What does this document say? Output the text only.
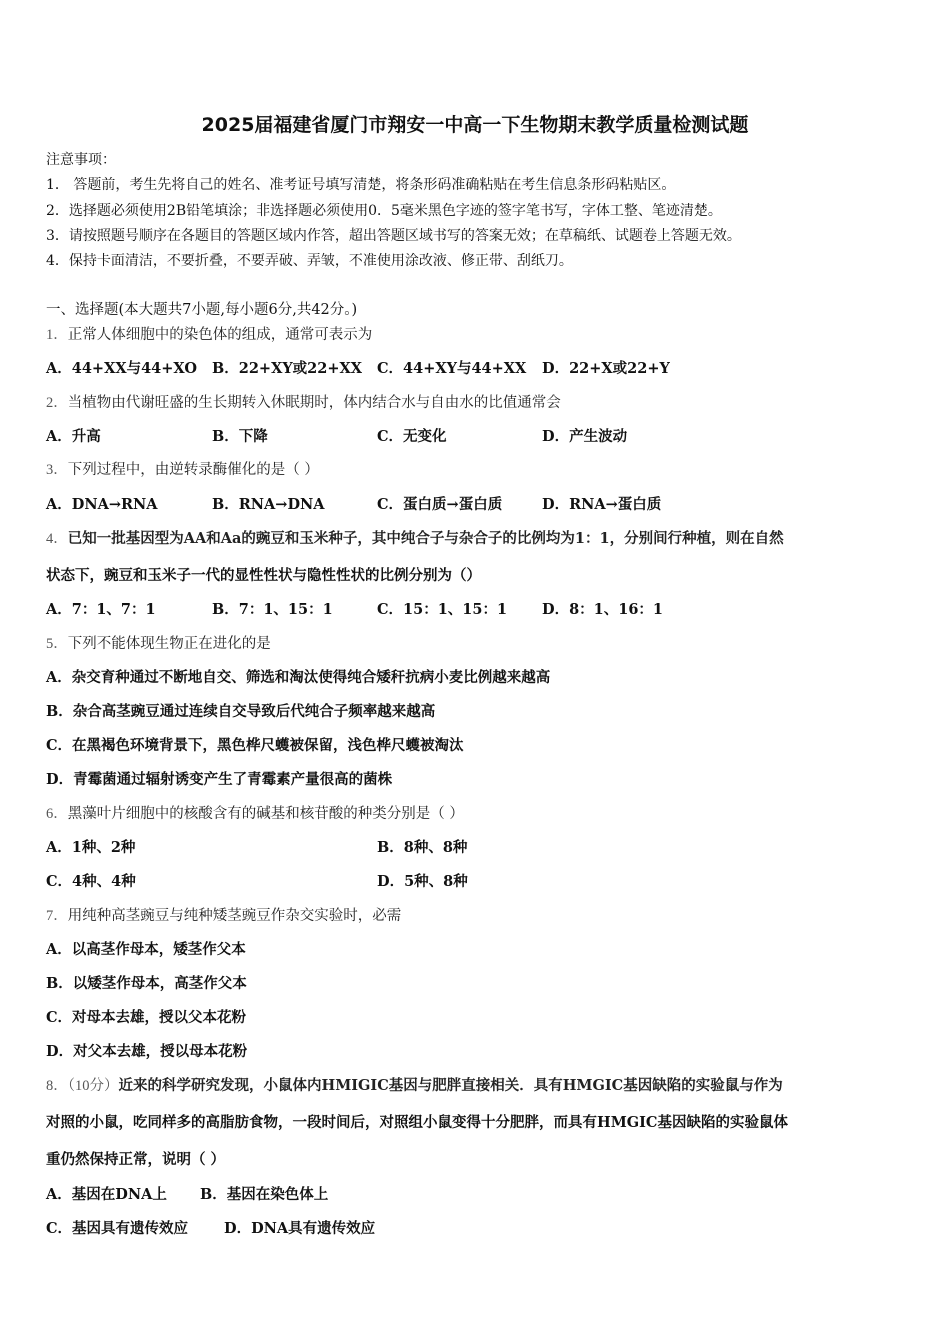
2025届福建省厦门市翔安一中高一下生物期末教学质量检测试题
注意事项：
1． 答题前，考生先将自己的姓名、准考证号填写清楚，将条形码准确粘贴在考生信息条形码粘贴区。
2．选择题必须使用2B铅笔填涂；非选择题必须使用0．5毫米黑色字迹的签字笔书写，字体工整、笔迹清楚。
3．请按照题号顺序在各题目的答题区域内作答，超出答题区域书写的答案无效；在草稿纸、试题卷上答题无效。
4．保持卡面清洁，不要折叠，不要弄破、弄皱，不准使用涂改液、修正带、刮纸刀。
一、选择题(本大题共7小题,每小题6分,共42分。)
1．正常人体细胞中的染色体的组成，通常可表示为
A．44+XX与44+XO B．22+XY或22+XX C．44+XY与44+XX D．22+X或22+Y
2．当植物由代谢旺盛的生长期转入休眠期时，体内结合水与自由水的比值通常会
A．升高	B．下降	C．无变化	D．产生波动
3．下列过程中，由逆转录酶催化的是（ ）
A．DNA→RNA	B．RNA→DNA	C．蛋白质→蛋白质	D．RNA→蛋白质
4．已知一批基因型为AA和Aa的豌豆和玉米种子，其中纯合子与杂合子的比例均为1：1，分别间行种植，则在自然
状态下，豌豆和玉米子一代的显性性状与隐性性状的比例分别为（）
A．7：1、7：1	B．7：1、15：1	C．15：1、15：1 D．8：1、16：1
5．下列不能体现生物正在进化的是
A．杂交育种通过不断地自交、筛选和淘汰使得纯合矮秆抗病小麦比例越来越高
B．杂合高茎豌豆通过连续自交导致后代纯合子频率越来越高
C．在黑褐色环境背景下，黑色桦尺蠖被保留，浅色桦尺蠖被淘汰
D．青霉菌通过辐射诱变产生了青霉素产量很高的菌株
6．黑藻叶片细胞中的核酸含有的碱基和核苷酸的种类分别是（ ）
A．1种、2种	B．8种、8种
C．4种、4种	D．5种、8种
7．用纯种高茎豌豆与纯种矮茎豌豆作杂交实验时，必需
A．以高茎作母本，矮茎作父本
B．以矮茎作母本，高茎作父本
C．对母本去雄，授以父本花粉
D．对父本去雄，授以母本花粉
8．（10分）近来的科学研究发现，小鼠体内HMIGIC基因与肥胖直接相关．具有HMGIC基因缺陷的实验鼠与作为
对照的小鼠，吃同样多的高脂肪食物，一段时间后，对照组小鼠变得十分肥胖，而具有HMGIC基因缺陷的实验鼠体
重仍然保持正常，说明（ ）
A．基因在DNA上 B．基因在染色体上
C．基因具有遗传效应 D．DNA具有遗传效应
